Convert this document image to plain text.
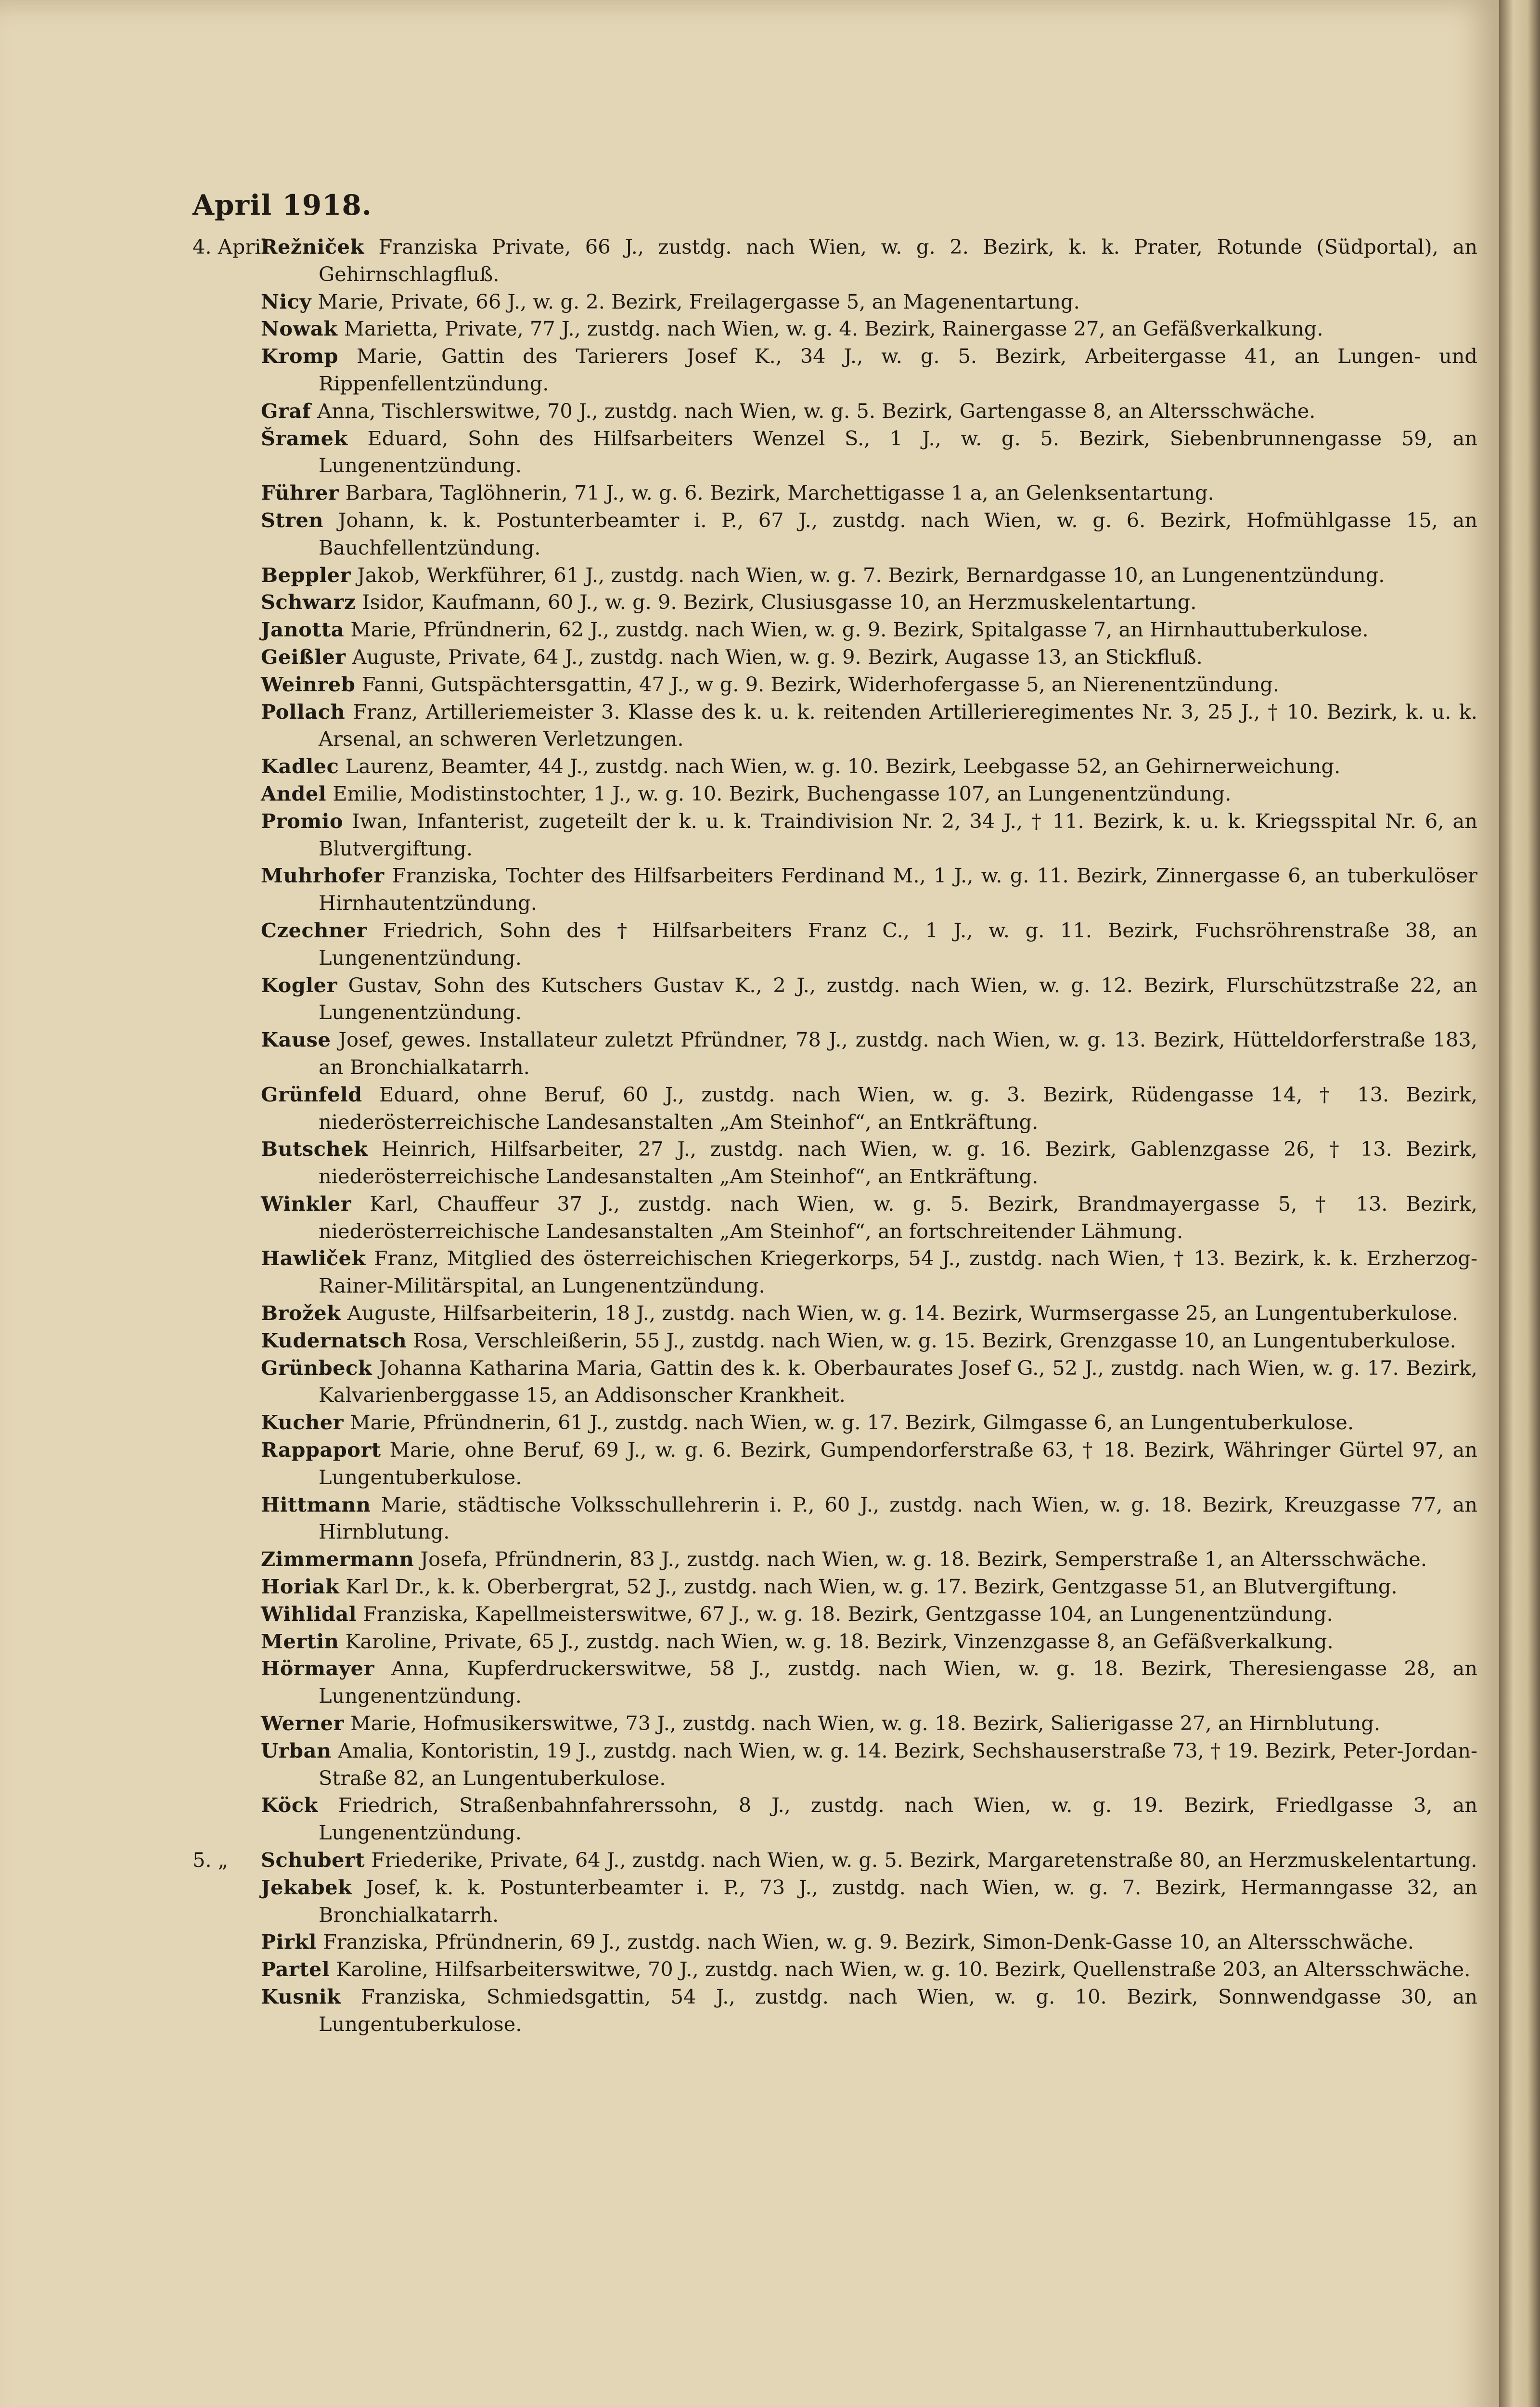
April 1918.
4. April
Režniček Franziska Private, 66 J., zustdg. nach Wien, w. g. 2. Bezirk, k. k. Prater, Rotunde (Südportal), an Gehirnschlagfluß.
Nicy Marie, Private, 66 J., w. g. 2. Bezirk, Freilagergasse 5, an Magenentartung.
Nowak Marietta, Private, 77 J., zustdg. nach Wien, w. g. 4. Bezirk, Rainergasse 27, an Gefäßverkalkung.
Kromp Marie, Gattin des Tarierers Josef K., 34 J., w. g. 5. Bezirk, Arbeitergasse 41, an Lungen- und Rippenfellentzündung.
Graf Anna, Tischlerswitwe, 70 J., zustdg. nach Wien, w. g. 5. Bezirk, Gartengasse 8, an Altersschwäche.
Šramek Eduard, Sohn des Hilfsarbeiters Wenzel S., 1 J., w. g. 5. Bezirk, Siebenbrunnengasse 59, an Lungenentzündung.
Führer Barbara, Taglöhnerin, 71 J., w. g. 6. Bezirk, Marchettigasse 1 a, an Gelenksentartung.
Stren Johann, k. k. Postunterbeamter i. P., 67 J., zustdg. nach Wien, w. g. 6. Bezirk, Hofmühlgasse 15, an Bauchfellentzündung.
Beppler Jakob, Werkführer, 61 J., zustdg. nach Wien, w. g. 7. Bezirk, Bernardgasse 10, an Lungenentzündung.
Schwarz Isidor, Kaufmann, 60 J., w. g. 9. Bezirk, Clusiusgasse 10, an Herzmuskelentartung.
Janotta Marie, Pfründnerin, 62 J., zustdg. nach Wien, w. g. 9. Bezirk, Spitalgasse 7, an Hirnhauttuberkulose.
Geißler Auguste, Private, 64 J., zustdg. nach Wien, w. g. 9. Bezirk, Augasse 13, an Stickfluß.
Weinreb Fanni, Gutspächtersgattin, 47 J., w g. 9. Bezirk, Widerhofergasse 5, an Nierenentzündung.
Pollach Franz, Artilleriemeister 3. Klasse des k. u. k. reitenden Artillerieregimentes Nr. 3, 25 J., † 10. Bezirk, k. u. k. Arsenal, an schweren Verletzungen.
Kadlec Laurenz, Beamter, 44 J., zustdg. nach Wien, w. g. 10. Bezirk, Leebgasse 52, an Gehirnerweichung.
Andel Emilie, Modistinstochter, 1 J., w. g. 10. Bezirk, Buchengasse 107, an Lungenentzündung.
Promio Iwan, Infanterist, zugeteilt der k. u. k. Traindivision Nr. 2, 34 J., † 11. Bezirk, k. u. k. Kriegsspital Nr. 6, an Blutvergiftung.
Muhrhofer Franziska, Tochter des Hilfsarbeiters Ferdinand M., 1 J., w. g. 11. Bezirk, Zinnergasse 6, an tuberkulöser Hirnhautentzündung.
Czechner Friedrich, Sohn des † Hilfsarbeiters Franz C., 1 J., w. g. 11. Bezirk, Fuchsröhrenstraße 38, an Lungenentzündung.
Kogler Gustav, Sohn des Kutschers Gustav K., 2 J., zustdg. nach Wien, w. g. 12. Bezirk, Flurschützstraße 22, an Lungenentzündung.
Kause Josef, gewes. Installateur zuletzt Pfründner, 78 J., zustdg. nach Wien, w. g. 13. Bezirk, Hütteldorferstraße 183, an Bronchialkatarrh.
Grünfeld Eduard, ohne Beruf, 60 J., zustdg. nach Wien, w. g. 3. Bezirk, Rüdengasse 14, † 13. Bezirk, niederösterreichische Landesanstalten „Am Steinhof“, an Entkräftung.
Butschek Heinrich, Hilfsarbeiter, 27 J., zustdg. nach Wien, w. g. 16. Bezirk, Gablenzgasse 26, † 13. Bezirk, niederösterreichische Landesanstalten „Am Steinhof“, an Entkräftung.
Winkler Karl, Chauffeur 37 J., zustdg. nach Wien, w. g. 5. Bezirk, Brandmayergasse 5, † 13. Bezirk, niederösterreichische Landesanstalten „Am Steinhof“, an fortschreitender Lähmung.
Hawliček Franz, Mitglied des österreichischen Kriegerkorps, 54 J., zustdg. nach Wien, † 13. Bezirk, k. k. Erzherzog-Rainer-Militärspital, an Lungenentzündung.
Brožek Auguste, Hilfsarbeiterin, 18 J., zustdg. nach Wien, w. g. 14. Bezirk, Wurmsergasse 25, an Lungentuberkulose.
Kudernatsch Rosa, Verschleißerin, 55 J., zustdg. nach Wien, w. g. 15. Bezirk, Grenzgasse 10, an Lungentuberkulose.
Grünbeck Johanna Katharina Maria, Gattin des k. k. Oberbaurates Josef G., 52 J., zustdg. nach Wien, w. g. 17. Bezirk, Kalvarienberggasse 15, an Addisonscher Krankheit.
Kucher Marie, Pfründnerin, 61 J., zustdg. nach Wien, w. g. 17. Bezirk, Gilmgasse 6, an Lungentuberkulose.
Rappaport Marie, ohne Beruf, 69 J., w. g. 6. Bezirk, Gumpendorferstraße 63, † 18. Bezirk, Währinger Gürtel 97, an Lungentuberkulose.
Hittmann Marie, städtische Volksschullehrerin i. P., 60 J., zustdg. nach Wien, w. g. 18. Bezirk, Kreuzgasse 77, an Hirnblutung.
Zimmermann Josefa, Pfründnerin, 83 J., zustdg. nach Wien, w. g. 18. Bezirk, Semperstraße 1, an Altersschwäche.
Horiak Karl Dr., k. k. Oberbergrat, 52 J., zustdg. nach Wien, w. g. 17. Bezirk, Gentzgasse 51, an Blutvergiftung.
Wihlidal Franziska, Kapellmeisterswitwe, 67 J., w. g. 18. Bezirk, Gentzgasse 104, an Lungenentzündung.
Mertin Karoline, Private, 65 J., zustdg. nach Wien, w. g. 18. Bezirk, Vinzenzgasse 8, an Gefäßverkalkung.
Hörmayer Anna, Kupferdruckerswitwe, 58 J., zustdg. nach Wien, w. g. 18. Bezirk, Theresiengasse 28, an Lungenentzündung.
Werner Marie, Hofmusikerswitwe, 73 J., zustdg. nach Wien, w. g. 18. Bezirk, Salierigasse 27, an Hirnblutung.
Urban Amalia, Kontoristin, 19 J., zustdg. nach Wien, w. g. 14. Bezirk, Sechshauserstraße 73, † 19. Bezirk, Peter-Jordan-Straße 82, an Lungentuberkulose.
Köck Friedrich, Straßenbahnfahrerssohn, 8 J., zustdg. nach Wien, w. g. 19. Bezirk, Friedlgasse 3, an Lungenentzündung.
5. „	Schubert Friederike, Private, 64 J., zustdg. nach Wien, w. g. 5. Bezirk, Margaretenstraße 80, an Herzmuskelentartung.
Jekabek Josef, k. k. Postunterbeamter i. P., 73 J., zustdg. nach Wien, w. g. 7. Bezirk, Hermanngasse 32, an Bronchialkatarrh.
Pirkl Franziska, Pfründnerin, 69 J., zustdg. nach Wien, w. g. 9. Bezirk, Simon-Denk-Gasse 10, an Altersschwäche.
Partel Karoline, Hilfsarbeiterswitwe, 70 J., zustdg. nach Wien, w. g. 10. Bezirk, Quellenstraße 203, an Altersschwäche.
Kusnik Franziska, Schmiedsgattin, 54 J., zustdg. nach Wien, w. g. 10. Bezirk, Sonnwendgasse 30, an Lungentuberkulose.
